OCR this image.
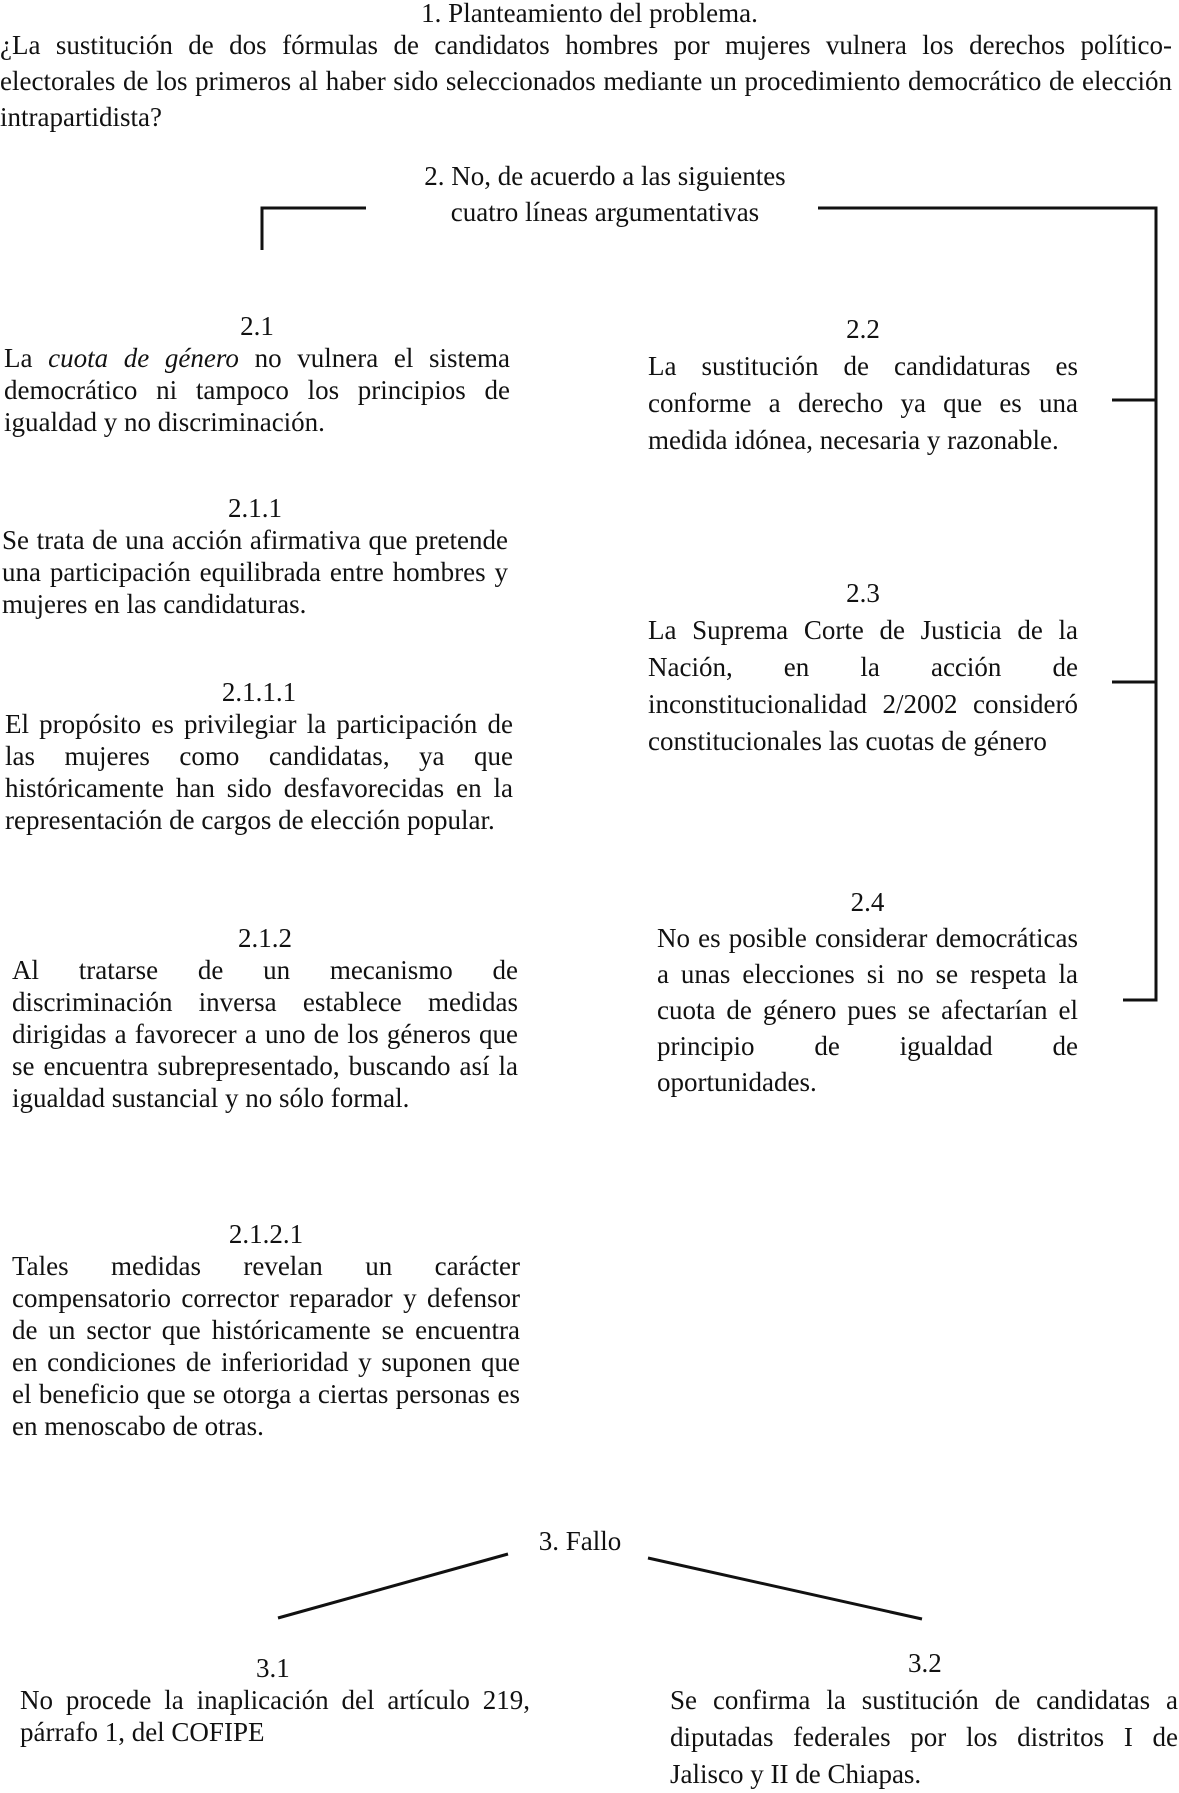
1. Planteamiento del problema.

¿La sustitución de dos fórmulas de candidatos hombres por mujeres vulnera los derechos político-electorales de los primeros al haber sido seleccionados mediante un procedimiento democrático de elección intrapartidista?

2. No, de acuerdo a las siguientes
cuatro líneas argumentativas
2.1
La cuota de género no vulnera el sistema democrático ni tampoco los principios de igualdad y no discriminación.
2.1.1
Se trata de una acción afirmativa que pretende una participación equilibrada entre hombres y mujeres en las candidaturas.
2.1.1.1
El propósito es privilegiar la participación de las mujeres como candidatas, ya que históricamente han sido desfavorecidas en la representación de cargos de elección popular.
2.1.2
Al tratarse de un mecanismo de discriminación inversa establece medidas dirigidas a favorecer a uno de los géneros que se encuentra subrepresentado, buscando así la igualdad sustancial y no sólo formal.
2.1.2.1
Tales medidas revelan un carácter compensatorio corrector reparador y defensor de un sector que históricamente se encuentra en condiciones de inferioridad y suponen que el beneficio que se otorga a ciertas personas es en menoscabo de otras.
2.2
La sustitución de candidaturas es conforme a derecho ya que es una medida idónea, necesaria y razonable.
2.3
La Suprema Corte de Justicia de la Nación, en la acción de inconstitucionalidad 2/2002 consideró constitucionales las cuotas de género
2.4
No es posible considerar democráticas a unas elecciones si no se respeta la cuota de género pues se afectarían el principio de igualdad de oportunidades.
3. Fallo
3.1
No procede la inaplicación del artículo 219, párrafo 1, del COFIPE
3.2
Se confirma la sustitución de candidatas a diputadas federales por los distritos I de Jalisco y II de Chiapas.
